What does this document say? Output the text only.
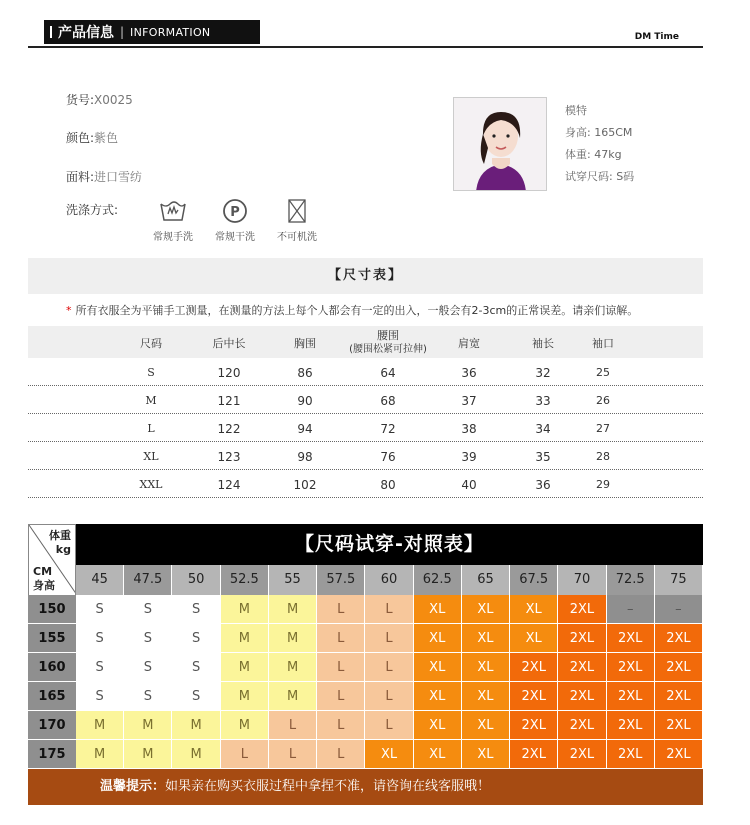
产品信息 | INFORMATION	DM Time
货号:X0025
颜色:紫色
面料:进口雪纺
洗涤方式:
常规手洗
P
常规干洗	不可机洗
模特
身高: 165CM
体重: 47kg
试穿尺码: S码
【尺寸表】
* 所有衣服全为平铺手工测量，在测量的方法上每个人都会有一定的出入，一般会有2-3cm的正常误差。请亲们谅解。
尺码	后中长	胸围
腰围
(腰围松紧可拉伸)	肩宽	袖长	袖口
S	120	86	64	36	32	25
M	121	90	68	37	33	26
L	122	94	72	38	34	27
XL	123	98	76	39	35	28
XXL	124	102	80	40	36	29
体重
kg
CM
身高
【尺码试穿-对照表】
45	47.5	50	52.5	55	57.5	60	62.5	65	67.5	70	72.5	75
150	S	S	S	M	M	L	L	XL	XL	XL	2XL	–	–
155	S	S	S	M	M	L	L	XL	XL	XL	2XL	2XL	2XL
160	S	S	S	M	M	L	L	XL	XL	2XL	2XL	2XL	2XL
165	S	S	S	M	M	L	L	XL	XL	2XL	2XL	2XL	2XL
170	M	M	M	M	L	L	L	XL	XL	2XL	2XL	2XL	2XL
175	M	M	M	L	L	L	XL	XL	XL	2XL	2XL	2XL	2XL
温馨提示：如果亲在购买衣服过程中拿捏不准，请咨询在线客服哦！
